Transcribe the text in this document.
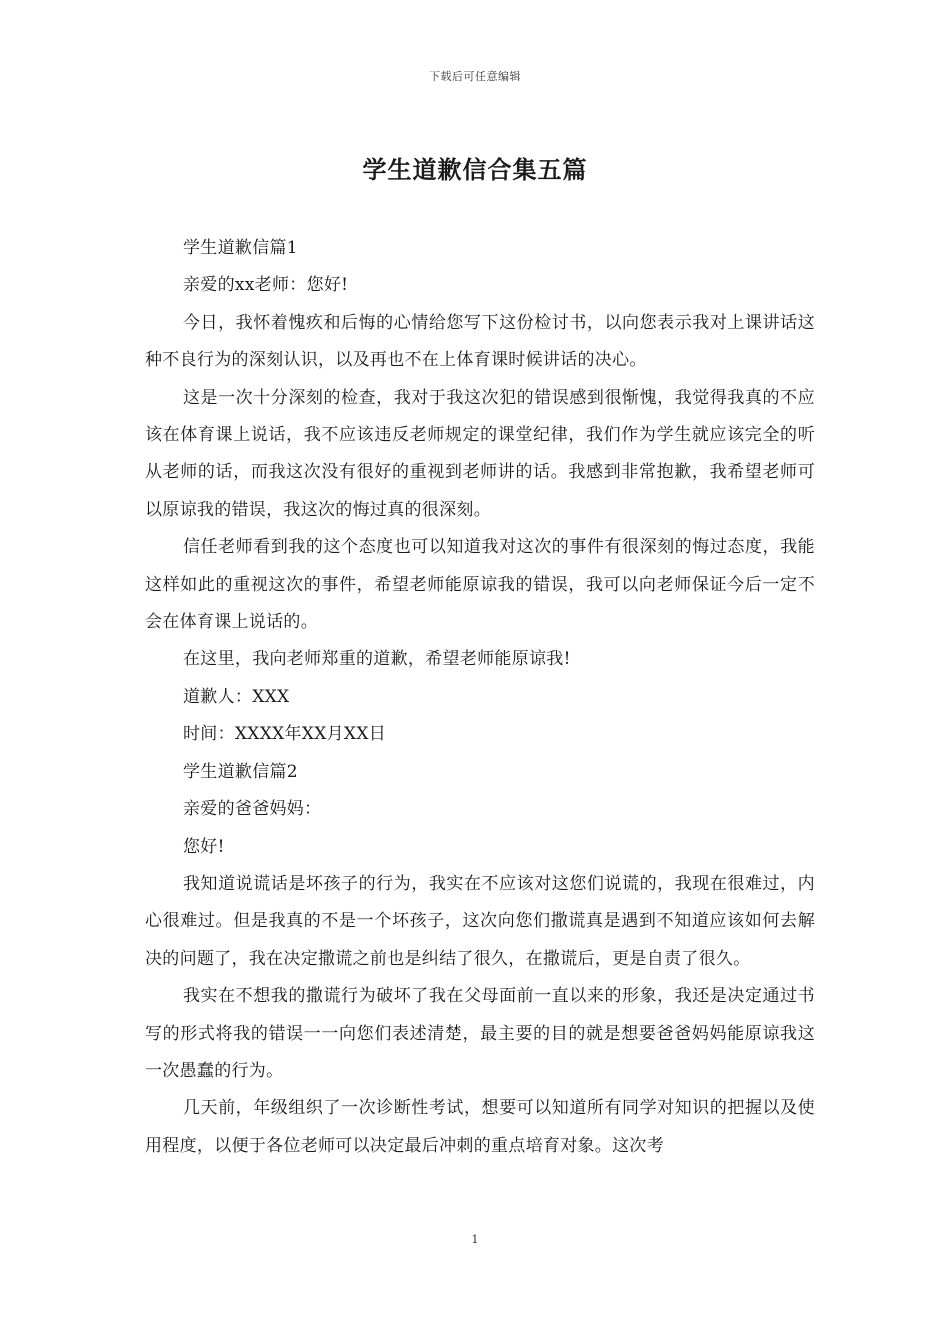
下载后可任意编辑
学生道歉信合集五篇

学生道歉信篇1

亲爱的xx老师：您好!

今日，我怀着愧疚和后悔的心情给您写下这份检讨书，以向您表示我对上课讲话这种不良行为的深刻认识，以及再也不在上体育课时候讲话的决心。

这是一次十分深刻的检查，我对于我这次犯的错误感到很惭愧，我觉得我真的不应该在体育课上说话，我不应该违反老师规定的课堂纪律，我们作为学生就应该完全的听从老师的话，而我这次没有很好的重视到老师讲的话。我感到非常抱歉，我希望老师可以原谅我的错误，我这次的悔过真的很深刻。

信任老师看到我的这个态度也可以知道我对这次的事件有很深刻的悔过态度，我能这样如此的重视这次的事件，希望老师能原谅我的错误，我可以向老师保证今后一定不会在体育课上说话的。

在这里，我向老师郑重的道歉，希望老师能原谅我!

道歉人：XXX

时间：XXXX年XX月XX日

学生道歉信篇2

亲爱的爸爸妈妈：

您好!

我知道说谎话是坏孩子的行为，我实在不应该对这您们说谎的，我现在很难过，内心很难过。但是我真的不是一个坏孩子，这次向您们撒谎真是遇到不知道应该如何去解决的问题了，我在决定撒谎之前也是纠结了很久，在撒谎后，更是自责了很久。

我实在不想我的撒谎行为破坏了我在父母面前一直以来的形象，我还是决定通过书写的形式将我的错误一一向您们表述清楚，最主要的目的就是想要爸爸妈妈能原谅我这一次愚蠢的行为。

几天前，年级组织了一次诊断性考试，想要可以知道所有同学对知识的把握以及使用程度，以便于各位老师可以决定最后冲刺的重点培育对象。这次考

1
